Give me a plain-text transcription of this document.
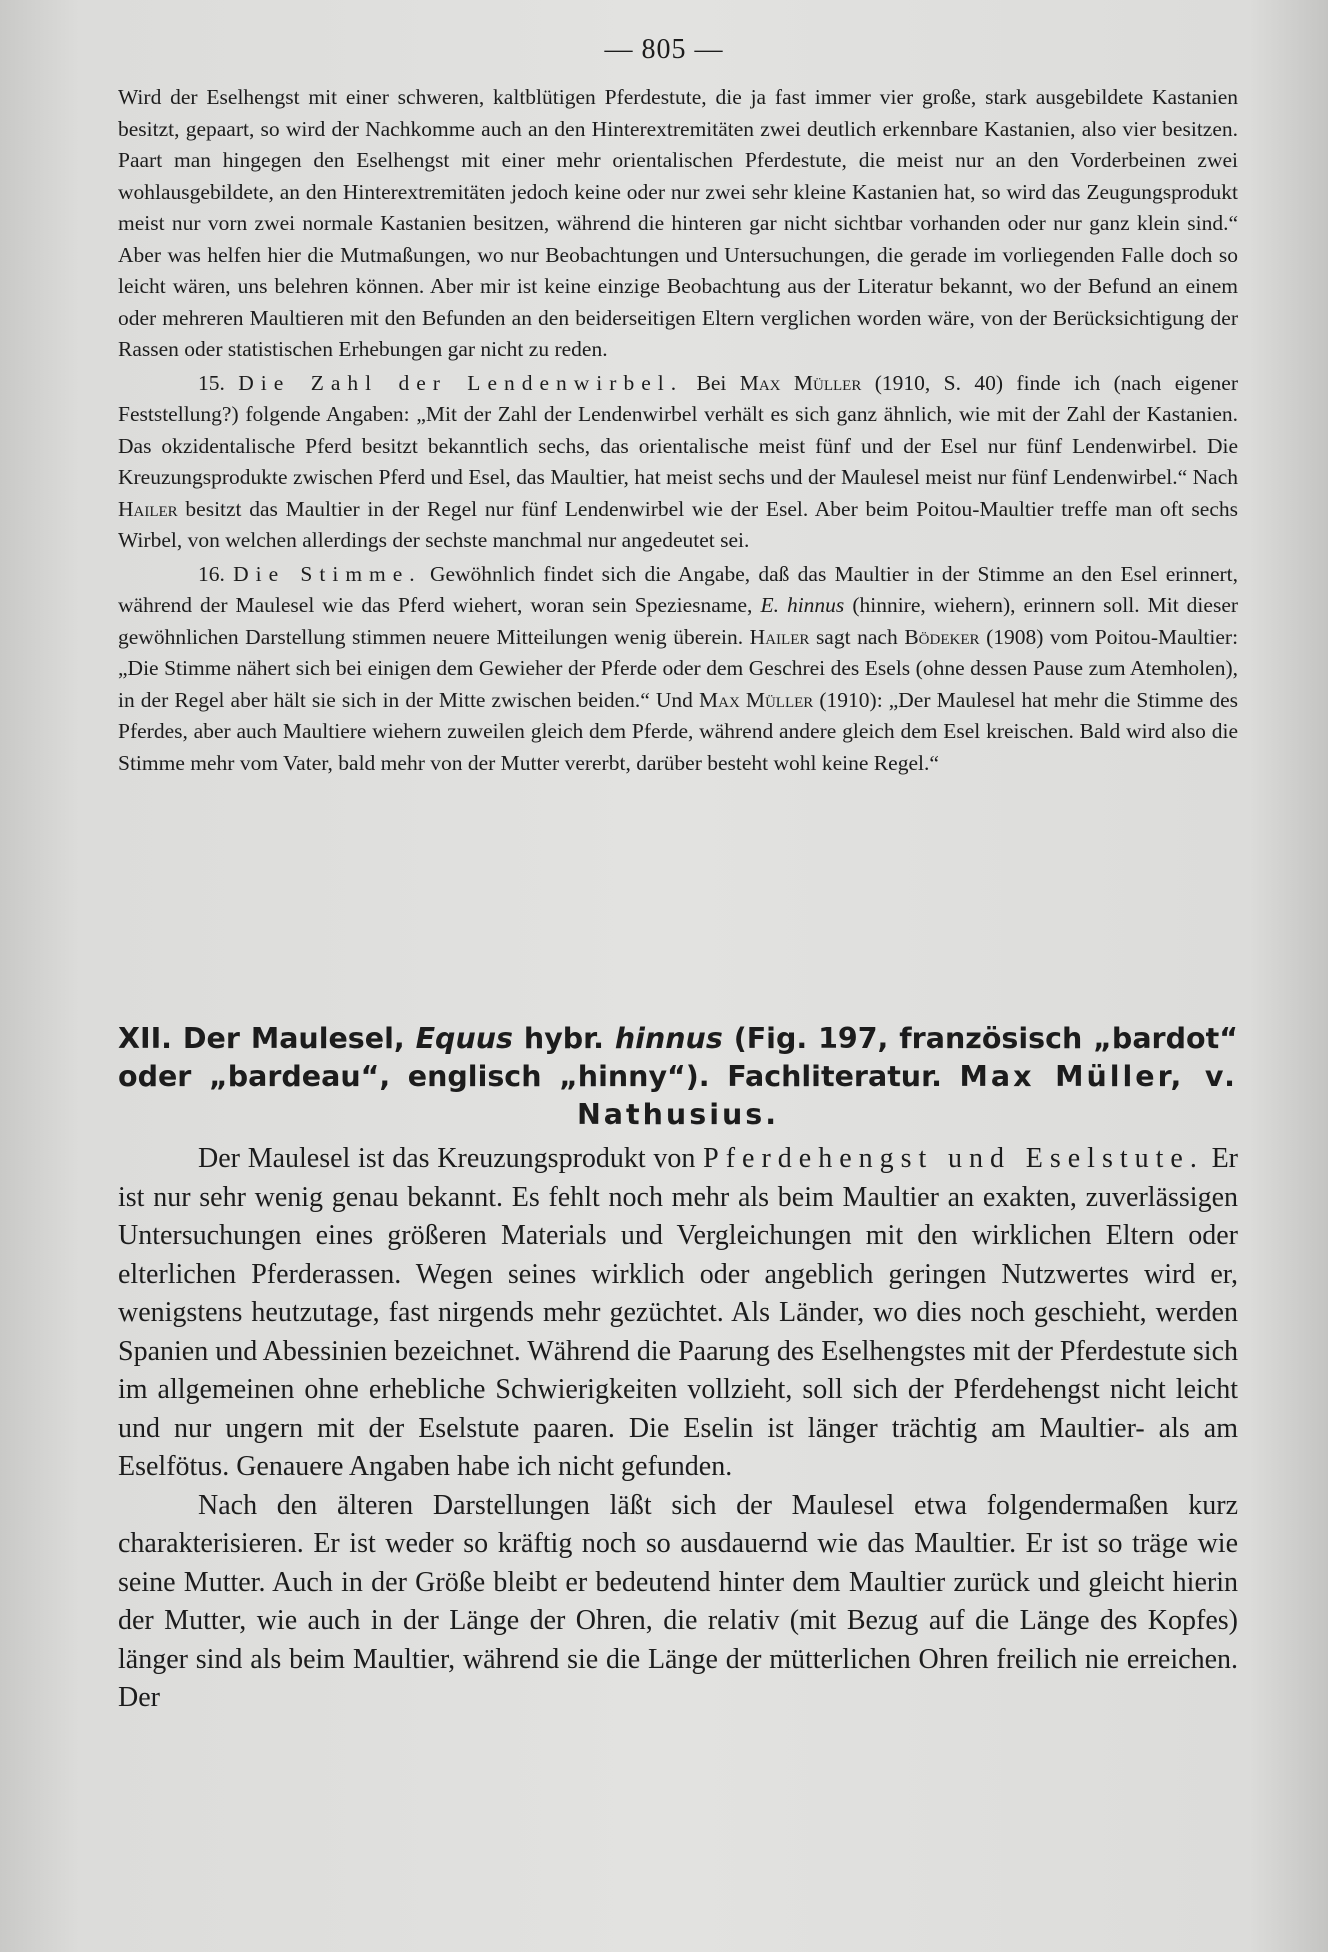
— 805 —

Wird der Eselhengst mit einer schweren, kaltblütigen Pferdestute, die ja fast immer vier große, stark ausgebildete Kastanien besitzt, gepaart, so wird der Nachkomme auch an den Hinterextremitäten zwei deutlich erkennbare Kastanien, also vier besitzen. Paart man hingegen den Eselhengst mit einer mehr orientalischen Pferdestute, die meist nur an den Vorderbeinen zwei wohlausgebildete, an den Hinterextremitäten jedoch keine oder nur zwei sehr kleine Kastanien hat, so wird das Zeugungsprodukt meist nur vorn zwei normale Kastanien besitzen, während die hinteren gar nicht sichtbar vorhanden oder nur ganz klein sind.“ Aber was helfen hier die Mutmaßungen, wo nur Beobachtungen und Untersuchungen, die gerade im vorliegenden Falle doch so leicht wären, uns belehren können. Aber mir ist keine einzige Beobachtung aus der Literatur bekannt, wo der Befund an einem oder mehreren Maultieren mit den Befunden an den beiderseitigen Eltern verglichen worden wäre, von der Berücksichtigung der Rassen oder statistischen Erhebungen gar nicht zu reden.

15. Die Zahl der Lendenwirbel. Bei Max Müller (1910, S. 40) finde ich (nach eigener Feststellung?) folgende Angaben: „Mit der Zahl der Lendenwirbel verhält es sich ganz ähnlich, wie mit der Zahl der Kastanien. Das okzidentalische Pferd besitzt bekanntlich sechs, das orientalische meist fünf und der Esel nur fünf Lendenwirbel. Die Kreuzungsprodukte zwischen Pferd und Esel, das Maultier, hat meist sechs und der Maulesel meist nur fünf Lendenwirbel.“ Nach Hailer besitzt das Maultier in der Regel nur fünf Lendenwirbel wie der Esel. Aber beim Poitou-Maultier treffe man oft sechs Wirbel, von welchen allerdings der sechste manchmal nur angedeutet sei.

16. Die Stimme. Gewöhnlich findet sich die Angabe, daß das Maultier in der Stimme an den Esel erinnert, während der Maulesel wie das Pferd wiehert, woran sein Speziesname, E. hinnus (hinnire, wiehern), erinnern soll. Mit dieser gewöhnlichen Darstellung stimmen neuere Mitteilungen wenig überein. Hailer sagt nach Bödeker (1908) vom Poitou-Maultier: „Die Stimme nähert sich bei einigen dem Gewieher der Pferde oder dem Geschrei des Esels (ohne dessen Pause zum Atemholen), in der Regel aber hält sie sich in der Mitte zwischen beiden.“ Und Max Müller (1910): „Der Maulesel hat mehr die Stimme des Pferdes, aber auch Maultiere wiehern zuweilen gleich dem Pferde, während andere gleich dem Esel kreischen. Bald wird also die Stimme mehr vom Vater, bald mehr von der Mutter vererbt, darüber besteht wohl keine Regel.“

XII. Der Maulesel, Equus hybr. hinnus (Fig. 197, französisch „bardot“ oder „bardeau“, englisch „hinny“). Fachliteratur. Max Müller, v. Nathusius.

Der Maulesel ist das Kreuzungsprodukt von Pferdehengst und Eselstute. Er ist nur sehr wenig genau bekannt. Es fehlt noch mehr als beim Maultier an exakten, zuverlässigen Untersuchungen eines größeren Materials und Vergleichungen mit den wirklichen Eltern oder elterlichen Pferderassen. Wegen seines wirklich oder angeblich geringen Nutzwertes wird er, wenigstens heutzutage, fast nirgends mehr gezüchtet. Als Länder, wo dies noch geschieht, werden Spanien und Abessinien bezeichnet. Während die Paarung des Eselhengstes mit der Pferdestute sich im allgemeinen ohne erhebliche Schwierigkeiten vollzieht, soll sich der Pferdehengst nicht leicht und nur ungern mit der Eselstute paaren. Die Eselin ist länger trächtig am Maultier- als am Eselfötus. Genauere Angaben habe ich nicht gefunden.

Nach den älteren Darstellungen läßt sich der Maulesel etwa folgendermaßen kurz charakterisieren. Er ist weder so kräftig noch so ausdauernd wie das Maultier. Er ist so träge wie seine Mutter. Auch in der Größe bleibt er bedeutend hinter dem Maultier zurück und gleicht hierin der Mutter, wie auch in der Länge der Ohren, die relativ (mit Bezug auf die Länge des Kopfes) länger sind als beim Maultier, während sie die Länge der mütterlichen Ohren freilich nie erreichen. Der
